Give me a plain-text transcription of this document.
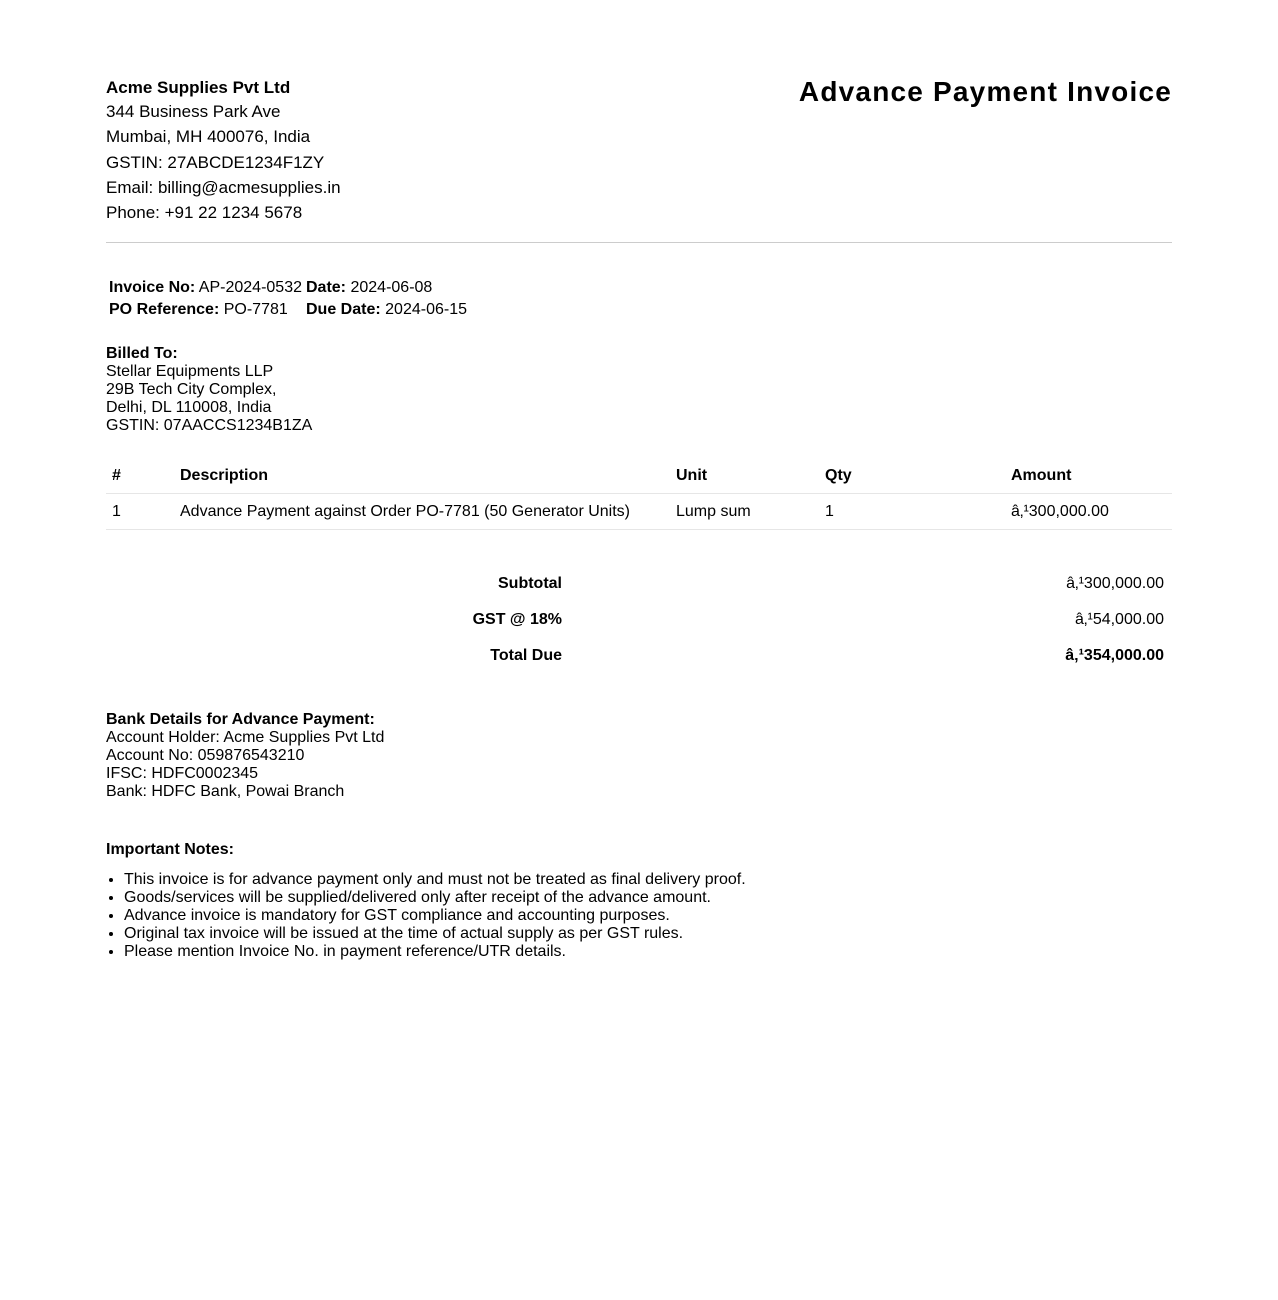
Acme Supplies Pvt Ltd
344 Business Park Ave
Mumbai, MH 400076, India
GSTIN: 27ABCDE1234F1ZY
Email: billing@acmesupplies.in
Phone: +91 22 1234 5678
Advance Payment Invoice
Invoice No: AP-2024-0532 Date: 2024-06-08
PO Reference: PO-7781 Due Date: 2024-06-15
Billed To:
Stellar Equipments LLP
29B Tech City Complex,
Delhi, DL 110008, India
GSTIN: 07AACCS1234B1ZA
#	Description	Unit	Qty	Amount
1	Advance Payment against Order PO-7781 (50 Generator Units)	Lump sum	1	â‚¹300,000.00
Subtotal	â‚¹300,000.00
GST @ 18%	â‚¹54,000.00
Total Due	â‚¹354,000.00
Bank Details for Advance Payment:
Account Holder: Acme Supplies Pvt Ltd
Account No: 059876543210
IFSC: HDFC0002345
Bank: HDFC Bank, Powai Branch
Important Notes:
• This invoice is for advance payment only and must not be treated as final delivery proof.
• Goods/services will be supplied/delivered only after receipt of the advance amount.
• Advance invoice is mandatory for GST compliance and accounting purposes.
• Original tax invoice will be issued at the time of actual supply as per GST rules.
• Please mention Invoice No. in payment reference/UTR details.
